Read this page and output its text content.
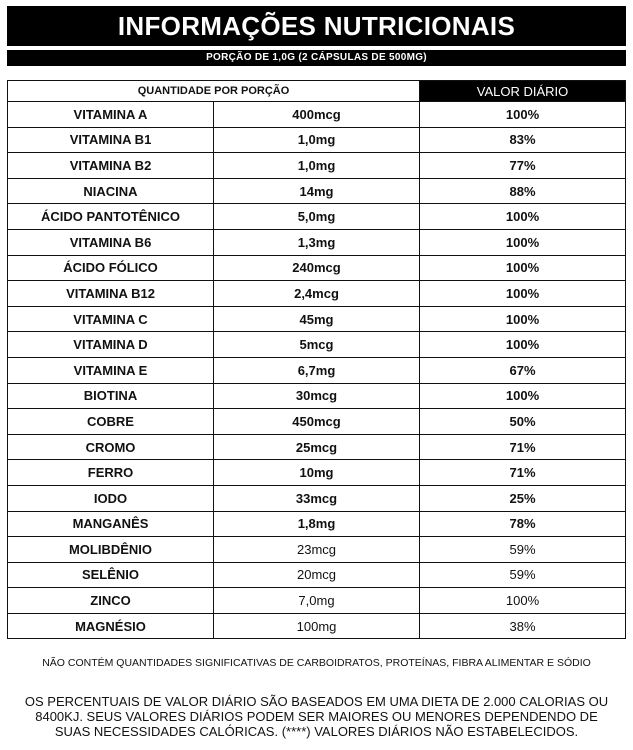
INFORMAÇÕES NUTRICIONAIS
PORÇÃO DE 1,0G (2 CÁPSULAS DE 500MG)
QUANTIDADE POR PORÇÃO		VALOR DIÁRIO
VITAMINA A	400mcg	100%
VITAMINA B1	1,0mg	83%
VITAMINA B2	1,0mg	77%
NIACINA	14mg	88%
ÁCIDO PANTOTÊNICO	5,0mg	100%
VITAMINA B6	1,3mg	100%
ÁCIDO FÓLICO	240mcg	100%
VITAMINA B12	2,4mcg	100%
VITAMINA C	45mg	100%
VITAMINA D	5mcg	100%
VITAMINA E	6,7mg	67%
BIOTINA	30mcg	100%
COBRE	450mcg	50%
CROMO	25mcg	71%
FERRO	10mg	71%
IODO	33mcg	25%
MANGANÊS	1,8mg	78%
MOLIBDÊNIO	23mcg	59%
SELÊNIO	20mcg	59%
ZINCO	7,0mg	100%
MAGNÉSIO	100mg	38%
NÃO CONTÉM QUANTIDADES SIGNIFICATIVAS DE CARBOIDRATOS, PROTEÍNAS, FIBRA ALIMENTAR E SÓDIO
OS PERCENTUAIS DE VALOR DIÁRIO SÃO BASEADOS EM UMA DIETA DE 2.000 CALORIAS OU
8400KJ. SEUS VALORES DIÁRIOS PODEM SER MAIORES OU MENORES DEPENDENDO DE
SUAS NECESSIDADES CALÓRICAS. (****) VALORES DIÁRIOS NÃO ESTABELECIDOS.
